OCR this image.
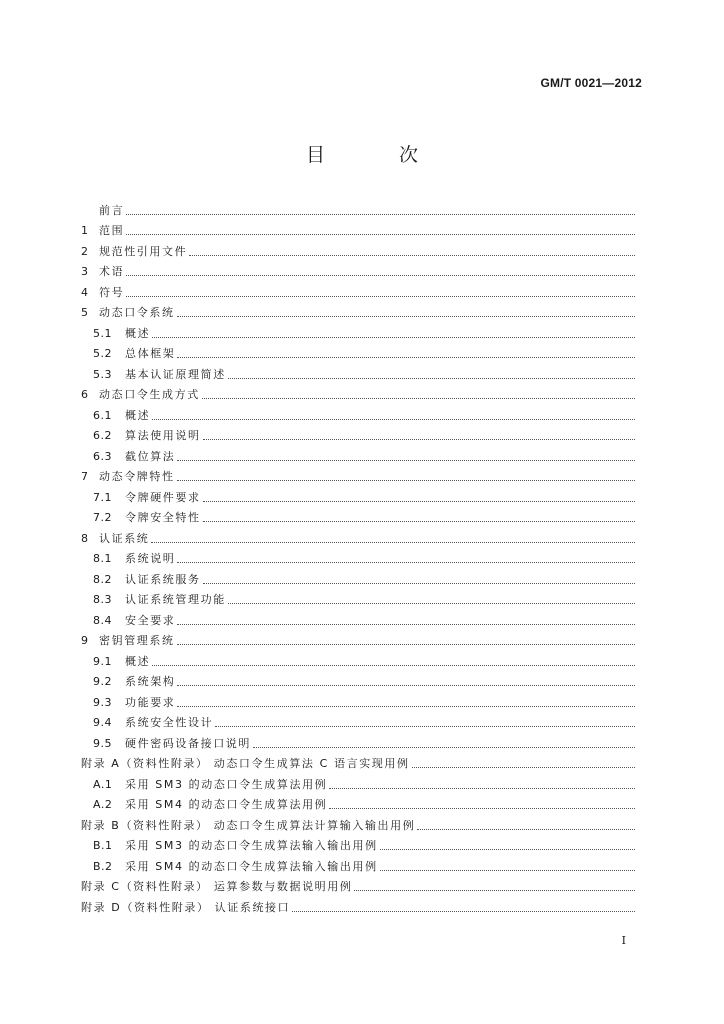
GM/T 0021—2012
目 次
前言
1 范围
2 规范性引用文件
3 术语
4 符号
5 动态口令系统
5.1	概述
5.2	总体框架
5.3	基本认证原理简述
6 动态口令生成方式
6.1	概述
6.2	算法使用说明
6.3	截位算法
7 动态令牌特性
7.1	令牌硬件要求
7.2	令牌安全特性
8 认证系统
8.1	系统说明
8.2	认证系统服务
8.3	认证系统管理功能
8.4	安全要求
9 密钥管理系统
9.1	概述
9.2	系统架构
9.3	功能要求
9.4	系统安全性设计
9.5	硬件密码设备接口说明
附录 A（资料性附录） 动态口令生成算法 C 语言实现用例
A.1	采用 SM3 的动态口令生成算法用例
A.2	采用 SM4 的动态口令生成算法用例
附录 B（资料性附录） 动态口令生成算法计算输入输出用例
B.1	采用 SM3 的动态口令生成算法输入输出用例
B.2	采用 SM4 的动态口令生成算法输入输出用例
附录 C（资料性附录） 运算参数与数据说明用例
附录 D（资料性附录） 认证系统接口
Ⅰ
